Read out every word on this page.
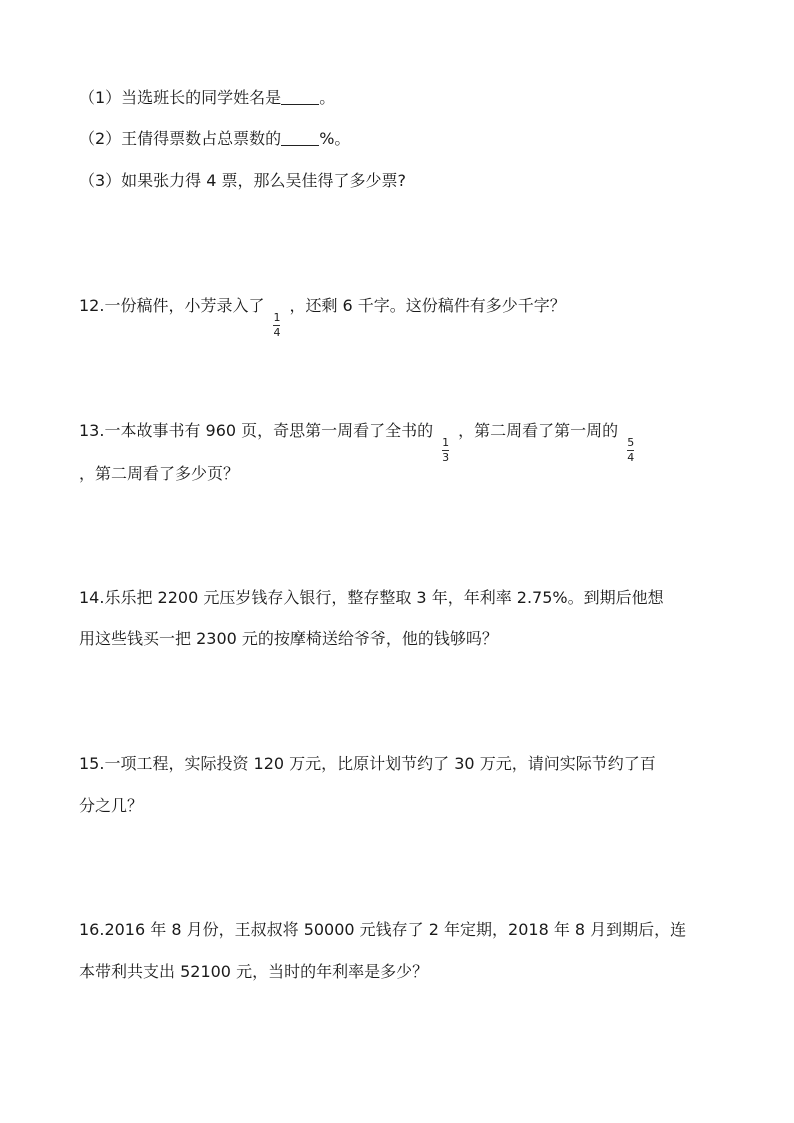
（1）当选班长的同学姓名是 。
（2）王倩得票数占总票数的 %。
（3）如果张力得 4 票，那么吴佳得了多少票?
12.一份稿件，小芳录入了
$\frac{1}{4}$
，还剩 6 千字。这份稿件有多少千字？
13.一本故事书有 960 页，奇思第一周看了全书的
$\frac{1}{3}$
，第二周看了第一周的
$\frac{5}{4}$
，第二周看了多少页？
14.乐乐把 2200 元压岁钱存入银行，整存整取 3 年，年利率 2.75%。到期后他想
用这些钱买一把 2300 元的按摩椅送给爷爷，他的钱够吗？
15.一项工程，实际投资 120 万元，比原计划节约了 30 万元，请问实际节约了百
分之几？
16.2016 年 8 月份，王叔叔将 50000 元钱存了 2 年定期，2018 年 8 月到期后，连
本带利共支出 52100 元，当时的年利率是多少？
